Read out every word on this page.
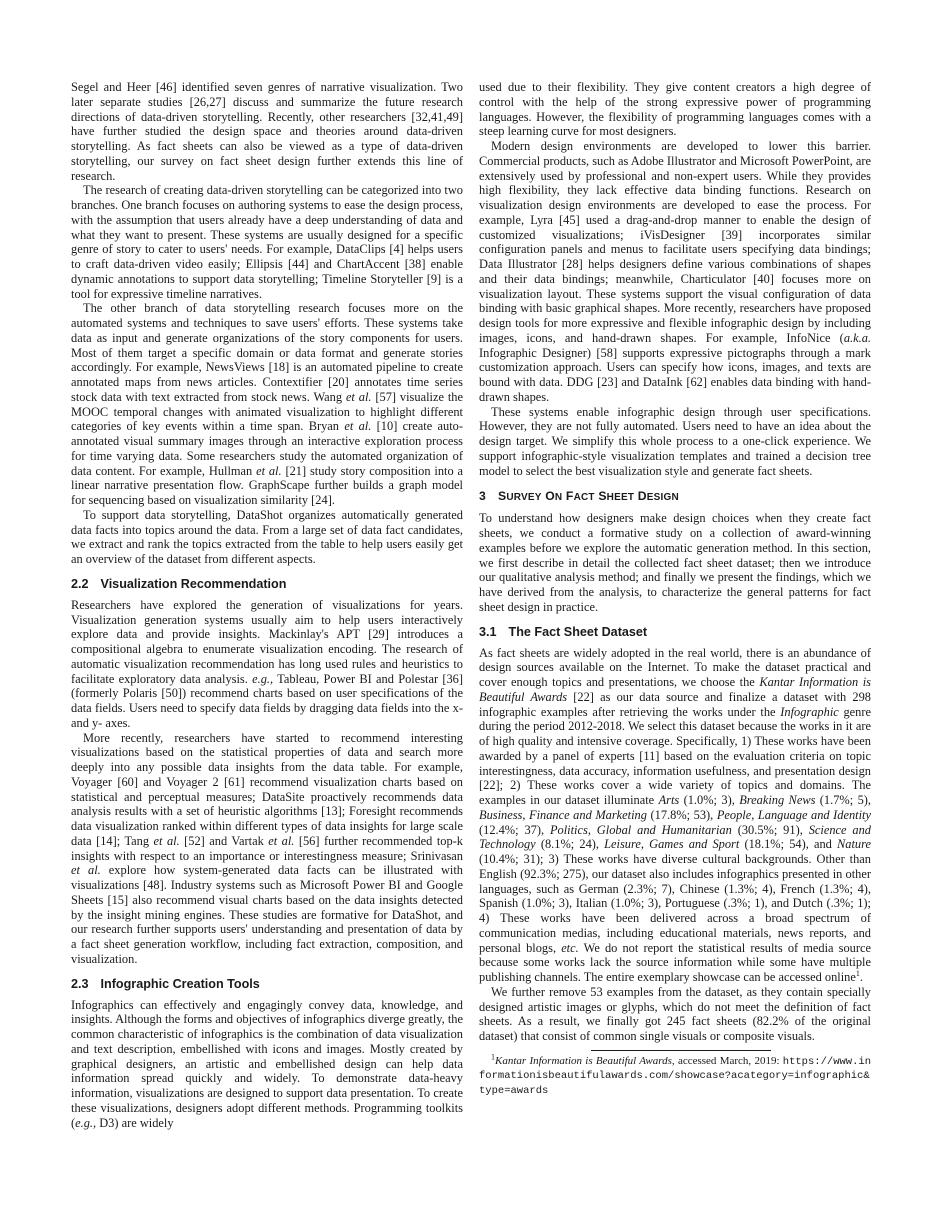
Segel and Heer [46] identified seven genres of narrative visualization. Two later separate studies [26,27] discuss and summarize the future research directions of data-driven storytelling. Recently, other researchers [32,41,49] have further studied the design space and theories around data-driven storytelling. As fact sheets can also be viewed as a type of data-driven storytelling, our survey on fact sheet design further extends this line of research.

The research of creating data-driven storytelling can be categorized into two branches. One branch focuses on authoring systems to ease the design process, with the assumption that users already have a deep understanding of data and what they want to present. These systems are usually designed for a specific genre of story to cater to users' needs. For example, DataClips [4] helps users to craft data-driven video easily; Ellipsis [44] and ChartAccent [38] enable dynamic annotations to support data storytelling; Timeline Storyteller [9] is a tool for expressive timeline narratives.

The other branch of data storytelling research focuses more on the automated systems and techniques to save users' efforts. These systems take data as input and generate organizations of the story components for users. Most of them target a specific domain or data format and generate stories accordingly. For example, NewsViews [18] is an automated pipeline to create annotated maps from news articles. Contextifier [20] annotates time series stock data with text extracted from stock news. Wang et al. [57] visualize the MOOC temporal changes with animated visualization to highlight different categories of key events within a time span. Bryan et al. [10] create auto-annotated visual summary images through an interactive exploration process for time varying data. Some researchers study the automated organization of data content. For example, Hullman et al. [21] study story composition into a linear narrative presentation flow. GraphScape further builds a graph model for sequencing based on visualization similarity [24].

To support data storytelling, DataShot organizes automatically generated data facts into topics around the data. From a large set of data fact candidates, we extract and rank the topics extracted from the table to help users easily get an overview of the dataset from different aspects.

2.2 Visualization Recommendation

Researchers have explored the generation of visualizations for years. Visualization generation systems usually aim to help users interactively explore data and provide insights. Mackinlay's APT [29] introduces a compositional algebra to enumerate visualization encoding. The research of automatic visualization recommendation has long used rules and heuristics to facilitate exploratory data analysis. e.g., Tableau, Power BI and Polestar [36] (formerly Polaris [50]) recommend charts based on user specifications of the data fields. Users need to specify data fields by dragging data fields into the x- and y- axes.

More recently, researchers have started to recommend interesting visualizations based on the statistical properties of data and search more deeply into any possible data insights from the data table. For example, Voyager [60] and Voyager 2 [61] recommend visualization charts based on statistical and perceptual measures; DataSite proactively recommends data analysis results with a set of heuristic algorithms [13]; Foresight recommends data visualization ranked within different types of data insights for large scale data [14]; Tang et al. [52] and Vartak et al. [56] further recommended top-k insights with respect to an importance or interestingness measure; Srinivasan et al. explore how system-generated data facts can be illustrated with visualizations [48]. Industry systems such as Microsoft Power BI and Google Sheets [15] also recommend visual charts based on the data insights detected by the insight mining engines. These studies are formative for DataShot, and our research further supports users' understanding and presentation of data by a fact sheet generation workflow, including fact extraction, composition, and visualization.

2.3 Infographic Creation Tools

Infographics can effectively and engagingly convey data, knowledge, and insights. Although the forms and objectives of infographics diverge greatly, the common characteristic of infographics is the combination of data visualization and text description, embellished with icons and images. Mostly created by graphical designers, an artistic and embellished design can help data information spread quickly and widely. To demonstrate data-heavy information, visualizations are designed to support data presentation. To create these visualizations, designers adopt different methods. Programming toolkits (e.g., D3) are widely

used due to their flexibility. They give content creators a high degree of control with the help of the strong expressive power of programming languages. However, the flexibility of programming languages comes with a steep learning curve for most designers.

Modern design environments are developed to lower this barrier. Commercial products, such as Adobe Illustrator and Microsoft PowerPoint, are extensively used by professional and non-expert users. While they provides high flexibility, they lack effective data binding functions. Research on visualization design environments are developed to ease the process. For example, Lyra [45] used a drag-and-drop manner to enable the design of customized visualizations; iVisDesigner [39] incorporates similar configuration panels and menus to facilitate users specifying data bindings; Data Illustrator [28] helps designers define various combinations of shapes and their data bindings; meanwhile, Charticulator [40] focuses more on visualization layout. These systems support the visual configuration of data binding with basic graphical shapes. More recently, researchers have proposed design tools for more expressive and flexible infographic design by including images, icons, and hand-drawn shapes. For example, InfoNice (a.k.a. Infographic Designer) [58] supports expressive pictographs through a mark customization approach. Users can specify how icons, images, and texts are bound with data. DDG [23] and DataInk [62] enables data binding with hand-drawn shapes.

These systems enable infographic design through user specifications. However, they are not fully automated. Users need to have an idea about the design target. We simplify this whole process to a one-click experience. We support infographic-style visualization templates and trained a decision tree model to select the best visualization style and generate fact sheets.

3 SURVEY ON FACT SHEET DESIGN

To understand how designers make design choices when they create fact sheets, we conduct a formative study on a collection of award-winning examples before we explore the automatic generation method. In this section, we first describe in detail the collected fact sheet dataset; then we introduce our qualitative analysis method; and finally we present the findings, which we have derived from the analysis, to characterize the general patterns for fact sheet design in practice.

3.1 The Fact Sheet Dataset

As fact sheets are widely adopted in the real world, there is an abundance of design sources available on the Internet. To make the dataset practical and cover enough topics and presentations, we choose the Kantar Information is Beautiful Awards [22] as our data source and finalize a dataset with 298 infographic examples after retrieving the works under the Infographic genre during the period 2012-2018. We select this dataset because the works in it are of high quality and intensive coverage. Specifically, 1) These works have been awarded by a panel of experts [11] based on the evaluation criteria on topic interestingness, data accuracy, information usefulness, and presentation design [22]; 2) These works cover a wide variety of topics and domains. The examples in our dataset illuminate Arts (1.0%; 3), Breaking News (1.7%; 5), Business, Finance and Marketing (17.8%; 53), People, Language and Identity (12.4%; 37), Politics, Global and Humanitarian (30.5%; 91), Science and Technology (8.1%; 24), Leisure, Games and Sport (18.1%; 54), and Nature (10.4%; 31); 3) These works have diverse cultural backgrounds. Other than English (92.3%; 275), our dataset also includes infographics presented in other languages, such as German (2.3%; 7), Chinese (1.3%; 4), French (1.3%; 4), Spanish (1.0%; 3), Italian (1.0%; 3), Portuguese (.3%; 1), and Dutch (.3%; 1); 4) These works have been delivered across a broad spectrum of communication medias, including educational materials, news reports, and personal blogs, etc. We do not report the statistical results of media source because some works lack the source information while some have multiple publishing channels. The entire exemplary showcase can be accessed online$^1$.

We further remove 53 examples from the dataset, as they contain specially designed artistic images or glyphs, which do not meet the definition of fact sheets. As a result, we finally got 245 fact sheets (82.2% of the original dataset) that consist of common single visuals or composite visuals.

$^1$Kantar Information is Beautiful Awards, accessed March, 2019: https://www.informationisbeautifulawards.com/showcase?acategory=infographic&type=awards
